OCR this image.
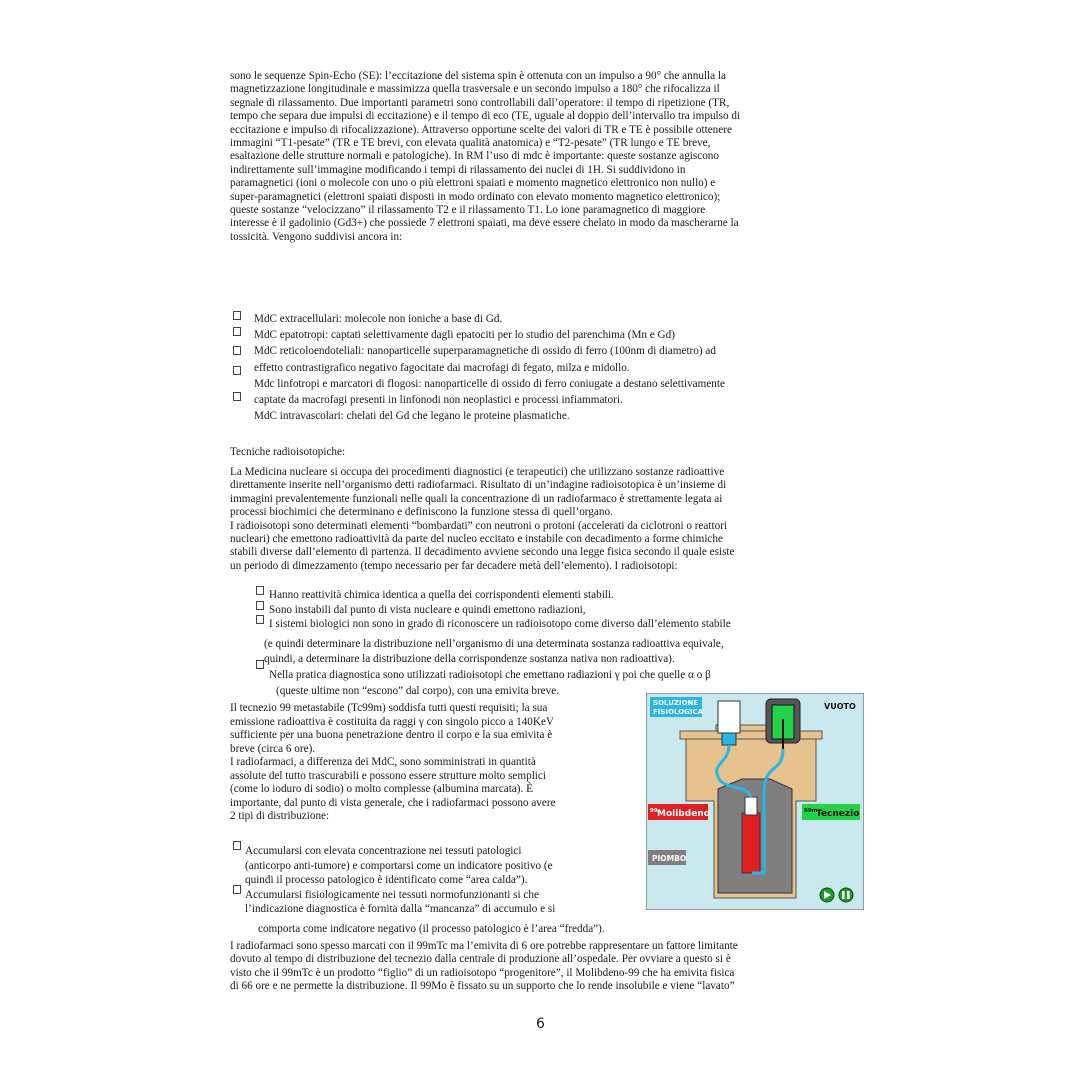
sono le sequenze Spin-Echo (SE): l’eccitazione del sistema spin è ottenuta con un impulso a 90° che annulla la
magnetizzazione longitudinale e massimizza quella trasversale e un secondo impulso a 180° che rifocalizza il
segnale di rilassamento. Due importanti parametri sono controllabili dall’operatore: il tempo di ripetizione (TR,
tempo che separa due impulsi di eccitazione) e il tempo di eco (TE, uguale al doppio dell’intervallo tra impulso di
eccitazione e impulso di rifocalizzazione). Attraverso opportune scelte dei valori di TR e TE è possibile ottenere
immagini “T1-pesate” (TR e TE brevi, con elevata qualità anatomica) e “T2-pesate” (TR lungo e TE breve,
esaltazione delle strutture normali e patologiche). In RM l’uso di mdc è importante: queste sostanze agiscono
indirettamente sull’immagine modificando i tempi di rilassamento dei nuclei di 1H. Si suddividono in
paramagnetici (ioni o molecole con uno o più elettroni spaiati e momento magnetico elettronico non nullo) e
super-paramagnetici (elettroni spaiati disposti in modo ordinato con elevato momento magnetico elettronico);
queste sostanze “velocizzano” il rilassamento T2 e il rilassamento T1. Lo ione paramagnetico di maggiore
interesse è il gadolinio (Gd3+) che possiede 7 elettroni spaiati, ma deve essere chelato in modo da mascherarne la
tossicità. Vengono suddivisi ancora in:
MdC extracellulari: molecole non ioniche a base di Gd.
MdC epatotropi: captati selettivamente dagli epatociti per lo studio del parenchima (Mn e Gd)
MdC reticoloendoteliali: nanoparticelle superparamagnetiche di ossido di ferro (100nm di diametro) ad
effetto contrastigrafico negativo fagocitate dai macrofagi di fegato, milza e midollo.
Mdc linfotropi e marcatori di flogosi: nanoparticelle di ossido di ferro coniugate a destano selettivamente
captate da macrofagi presenti in linfonodi non neoplastici e processi infiammatori.
MdC intravascolari: chelati del Gd che legano le proteine plasmatiche.
Tecniche radioisotopiche:
La Medicina nucleare si occupa dei procedimenti diagnostici (e terapeutici) che utilizzano sostanze radioattive
direttamente inserite nell’organismo detti radiofarmaci. Risultato di un’indagine radioisotopica è un’insieme di
immagini prevalentemente funzionali nelle quali la concentrazione di un radiofarmaco è strettamente legata ai
processi biochimici che determinano e definiscono la funzione stessa di quell’organo.
I radioisotopi sono determinati elementi “bombardati” con neutroni o protoni (accelerati da ciclotroni o reattori
nucleari) che emettono radioattività da parte del nucleo eccitato e instabile con decadimento a forme chimiche
stabili diverse dall’elemento di partenza. Il decadimento avviene secondo una legge fisica secondo il quale esiste
un periodo di dimezzamento (tempo necessario per far decadere metà dell’elemento). I radioisotopi:
Hanno reattività chimica identica a quella dei corrispondenti elementi stabili.
Sono instabili dal punto di vista nucleare e quindi emettono radiazioni,
I sistemi biologici non sono in grado di riconoscere un radioisotopo come diverso dall’elemento stabile
(e quindi determinare la distribuzione nell’organismo di una determinata sostanza radioattiva equivale,
quindi, a determinare la distribuzione della corrispondenze sostanza nativa non radioattiva).
Nella pratica diagnostica sono utilizzati radioisotopi che emettano radiazioni γ poi che quelle α o β
(queste ultime non “escono” dal corpo), con una emivita breve.
Il tecnezio 99 metastabile (Tc99m) soddisfa tutti questi requisiti; la sua
emissione radioattiva è costituita da raggi γ con singolo picco a 140KeV
sufficiente per una buona penetrazione dentro il corpo e la sua emivita è
breve (circa 6 ore).
I radiofarmaci, a differenza dei MdC, sono somministrati in quantità
assolute del tutto trascurabili e possono essere strutture molto semplici
(come lo ioduro di sodio) o molto complesse (albumina marcata). È
importante, dal punto di vista generale, che i radiofarmaci possono avere
2 tipi di distribuzione:
Accumularsi con elevata concentrazione nei tessuti patologici
(anticorpo anti-tumore) e comportarsi come un indicatore positivo (e
quindi il processo patologico è identificato come “area calda”).
Accumularsi fisiologicamente nei tessuti normofunzionanti si che
l’indicazione diagnostica è fornita dalla “mancanza” di accumulo e si
comporta come indicatore negativo (il processo patologico è l’area “fredda”).
I radiofarmaci sono spesso marcati con il 99mTc ma l’emivita di 6 ore potrebbe rappresentare un fattore limitante
dovuto al tempo di distribuzione del tecnezio dalla centrale di produzione all’ospedale. Per ovviare a questo si è
visto che il 99mTc è un prodotto “figlio” di un radioisotopo “progenitore”, il Molibdeno-99 che ha emivita fisica
di 66 ore e ne permette la distribuzione. Il 99Mo è fissato su un supporto che lo rende insolubile e viene “lavato”
SOLUZIONE
FISIOLOGICA
VUOTO
99 Molibdeno	99m
Tecnezio
PIOMBO
6
